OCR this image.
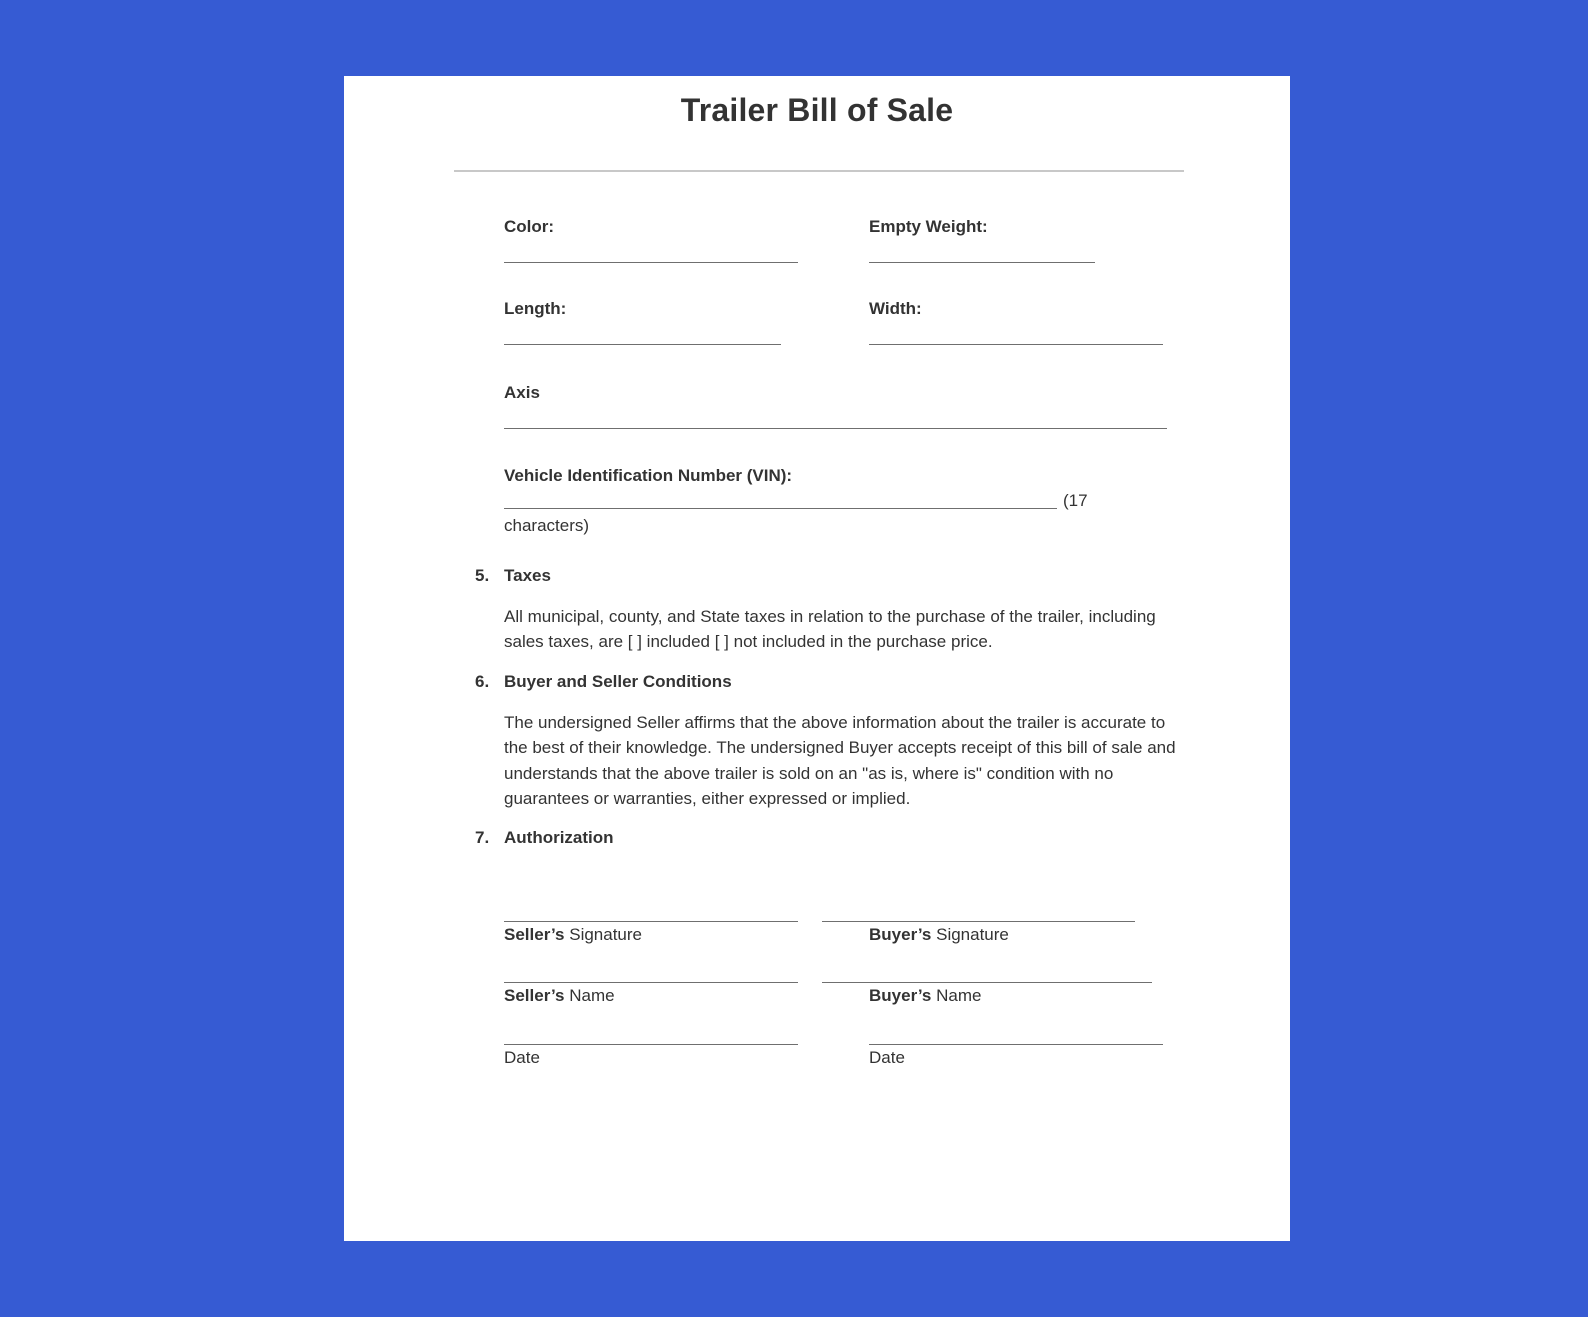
Trailer Bill of Sale
Color:	Empty Weight:
Length:	Width:
Axis
Vehicle Identification Number (VIN):
(17
characters)
5. Taxes
All municipal, county, and State taxes in relation to the purchase of the trailer, including sales taxes, are [ ] included [ ] not included in the purchase price.
6. Buyer and Seller Conditions
The undersigned Seller affirms that the above information about the trailer is accurate to the best of their knowledge. The undersigned Buyer accepts receipt of this bill of sale and understands that the above trailer is sold on an "as is, where is" condition with no guarantees or warranties, either expressed or implied.
7. Authorization
Seller’s Signature	Buyer’s Signature
Seller’s Name	Buyer’s Name
Date	Date
